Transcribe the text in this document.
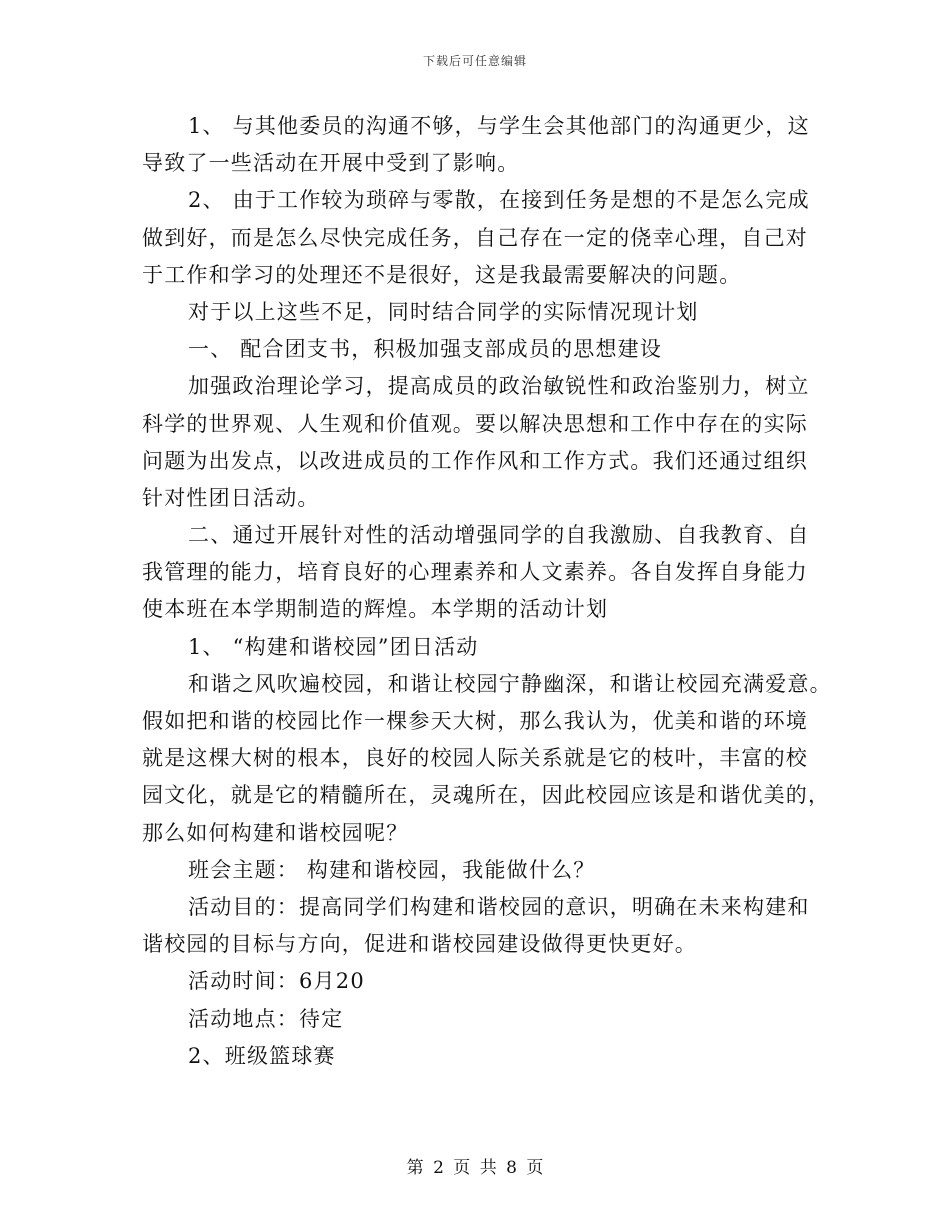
下载后可任意编辑
1、 与其他委员的沟通不够，与学生会其他部门的沟通更少，这
导致了一些活动在开展中受到了影响。
2、 由于工作较为琐碎与零散，在接到任务是想的不是怎么完成
做到好，而是怎么尽快完成任务，自己存在一定的侥幸心理，自己对
于工作和学习的处理还不是很好，这是我最需要解决的问题。
对于以上这些不足，同时结合同学的实际情况现计划
一、 配合团支书，积极加强支部成员的思想建设
加强政治理论学习，提高成员的政治敏锐性和政治鉴别力，树立
科学的世界观、人生观和价值观。要以解决思想和工作中存在的实际
问题为出发点，以改进成员的工作作风和工作方式。我们还通过组织
针对性团日活动。
二、通过开展针对性的活动增强同学的自我激励、自我教育、自
我管理的能力，培育良好的心理素养和人文素养。各自发挥自身能力
使本班在本学期制造的辉煌。本学期的活动计划
1、 “构建和谐校园”团日活动
和谐之风吹遍校园，和谐让校园宁静幽深，和谐让校园充满爱意。
假如把和谐的校园比作一棵参天大树，那么我认为，优美和谐的环境
就是这棵大树的根本，良好的校园人际关系就是它的枝叶，丰富的校
园文化，就是它的精髓所在，灵魂所在，因此校园应该是和谐优美的，
那么如何构建和谐校园呢？
班会主题： 构建和谐校园，我能做什么？
活动目的：提高同学们构建和谐校园的意识，明确在未来构建和
谐校园的目标与方向，促进和谐校园建设做得更快更好。
活动时间：6月20
活动地点：待定
2、班级篮球赛
第 2 页 共 8 页
